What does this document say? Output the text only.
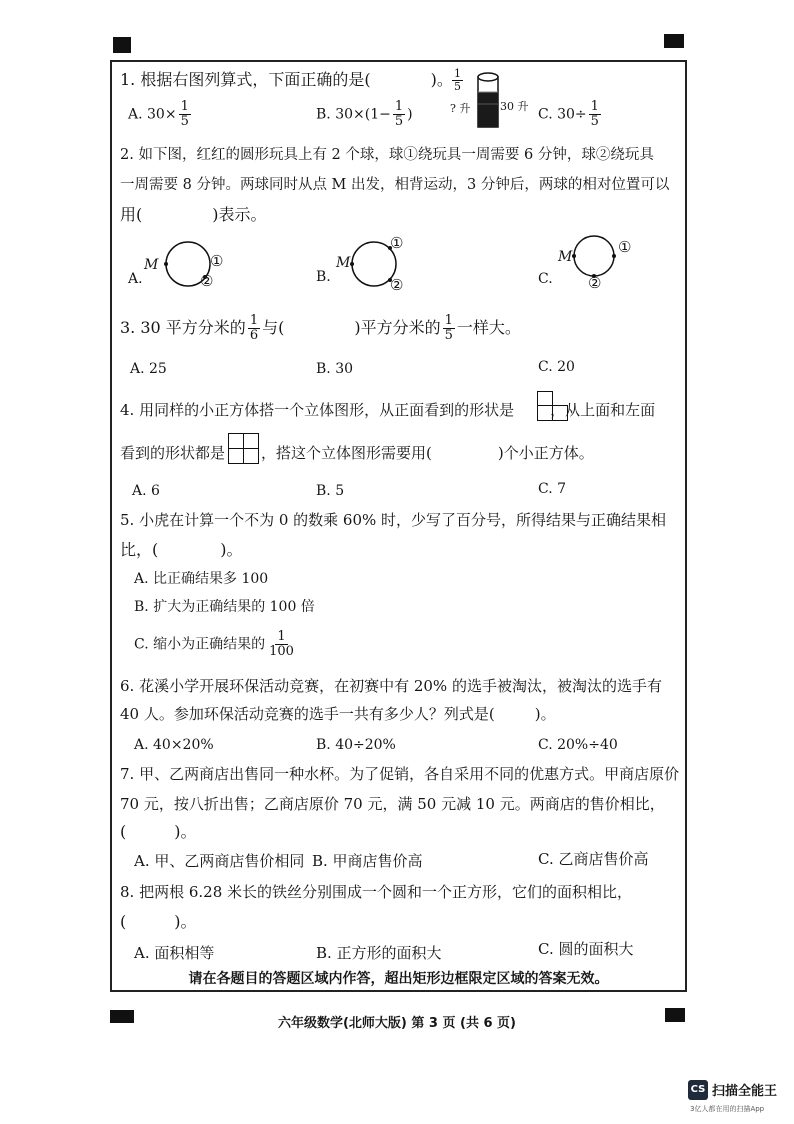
1. 根据右图列算式，下面正确的是(	)。
A. $30\times \frac{1}{5}$	B. $30\times(1- \frac{1}{5}$ )
$\frac{1}{5}$
? 升	30 升 C. $30\div \frac{1}{5}$
2. 如下图，红红的圆形玩具上有 2 个球，球①绕玩具一周需要 6 分钟，球②绕玩具
一周需要 8 分钟。两球同时从点 M 出发，相背运动，3 分钟后，两球的相对位置可以
用(	)表示。
A.
M	①
②	B.
M
①
②	C.
M
①
②
3. 30 平方分米的 $\frac{1}{6}$ 与(	)平方分米的 $\frac{1}{5}$ 一样大。
A. 25	B. 30	C. 20
4. 用同样的小正方体搭一个立体图形，从正面看到的形状是 ，从上面和左面
看到的形状都是 ，搭这个立体图形需要用(	)个小正方体。
A. 6	B. 5	C. 7
5. 小虎在计算一个不为 0 的数乘 60% 时，少写了百分号，所得结果与正确结果相
比，(	)。
A. 比正确结果多 100
B. 扩大为正确结果的 100 倍
C. 缩小为正确结果的 $\frac{1}{100}$
6. 花溪小学开展环保活动竞赛，在初赛中有 20% 的选手被淘汰，被淘汰的选手有
40 人。参加环保活动竞赛的选手一共有多少人？列式是(	)。
A. 40×20%	B. 40÷20%	C. 20%÷40
7. 甲、乙两商店出售同一种水杯。为了促销，各自采用不同的优惠方式。甲商店原价
70 元，按八折出售；乙商店原价 70 元，满 50 元减 10 元。两商店的售价相比，
(	)。
A. 甲、乙两商店售价相同 B. 甲商店售价高	C. 乙商店售价高
8. 把两根 6.28 米长的铁丝分别围成一个圆和一个正方形，它们的面积相比，
(	)。
A. 面积相等	B. 正方形的面积大	C. 圆的面积大
请在各题目的答题区域内作答，超出矩形边框限定区域的答案无效。
六年级数学(北师大版) 第 3 页 (共 6 页)
CS 扫描全能王
3亿人都在用的扫描App
